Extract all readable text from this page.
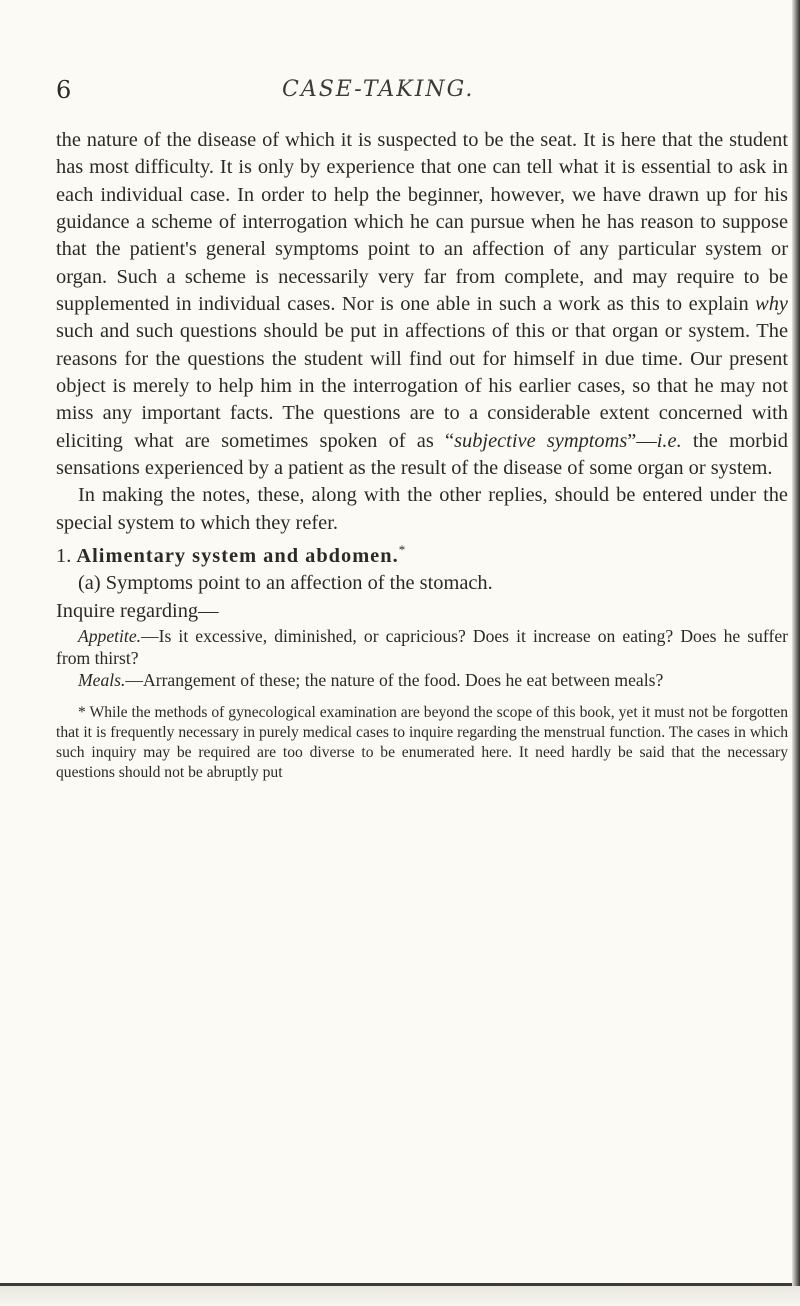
6	CASE-TAKING.

the nature of the disease of which it is suspected to be the seat. It is here that the student has most difficulty. It is only by experience that one can tell what it is essential to ask in each individual case. In order to help the beginner, however, we have drawn up for his guidance a scheme of interrogation which he can pursue when he has reason to suppose that the patient's general symptoms point to an affection of any particular system or organ. Such a scheme is necessarily very far from complete, and may require to be supplemented in individual cases. Nor is one able in such a work as this to explain why such and such questions should be put in affections of this or that organ or system. The reasons for the questions the student will find out for himself in due time. Our present object is merely to help him in the interrogation of his earlier cases, so that he may not miss any important facts. The questions are to a considerable extent concerned with eliciting what are sometimes spoken of as “subjective symptoms”—i.e. the morbid sensations experienced by a patient as the result of the disease of some organ or system.

In making the notes, these, along with the other replies, should be entered under the special system to which they refer.

1. Alimentary system and abdomen.*

(a) Symptoms point to an affection of the stomach.

Inquire regarding—

Appetite.—Is it excessive, diminished, or capricious? Does it increase on eating? Does he suffer from thirst?

Meals.—Arrangement of these; the nature of the food. Does he eat between meals?

* While the methods of gynecological examination are beyond the scope of this book, yet it must not be forgotten that it is frequently necessary in purely medical cases to inquire regarding the menstrual function. The cases in which such inquiry may be required are too diverse to be enumerated here. It need hardly be said that the necessary questions should not be abruptly put
